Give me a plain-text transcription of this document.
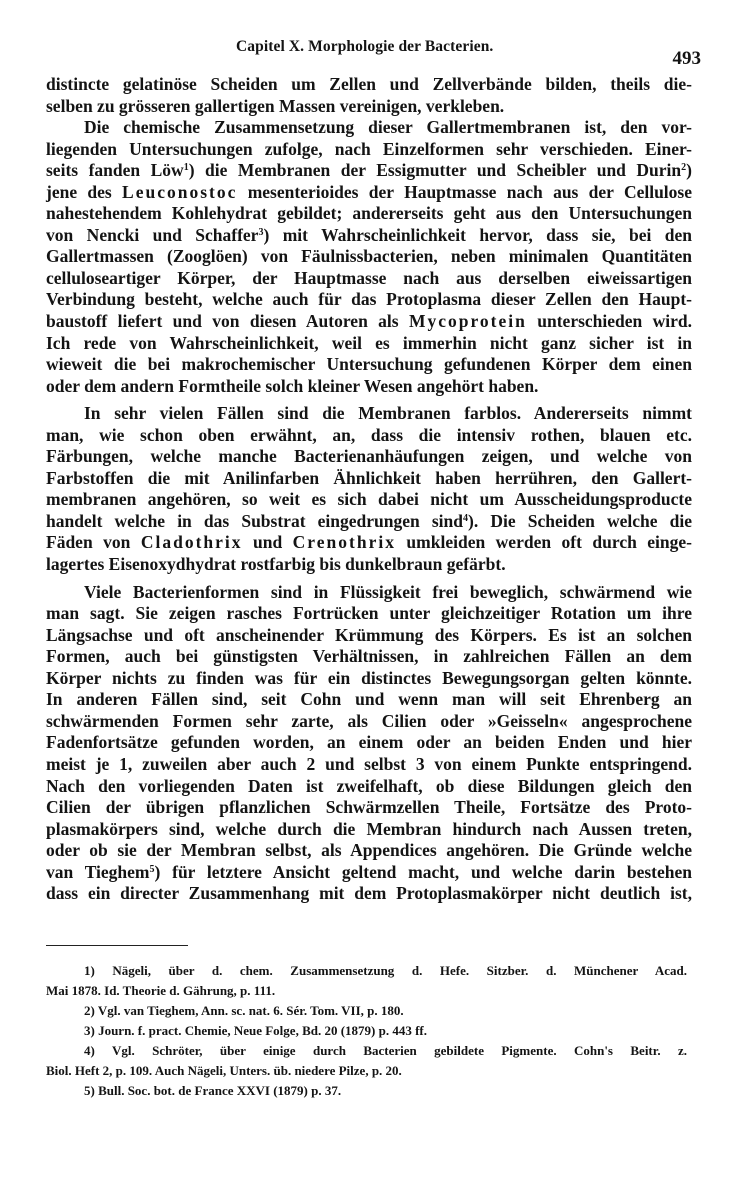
Capitel X. Morphologie der Bacterien.
493
distincte gelatinöse Scheiden um Zellen und Zellverbände bilden, theils die-
selben zu grösseren gallertigen Massen vereinigen, verkleben.
Die chemische Zusammensetzung dieser Gallertmembranen ist, den vor-
liegenden Untersuchungen zufolge, nach Einzelformen sehr verschieden. Einer-
seits fanden Löw$^1$) die Membranen der Essigmutter und Scheibler und Durin$^2$)
jene des Leuconostoc mesenterioides der Hauptmasse nach aus der Cellulose
nahestehendem Kohlehydrat gebildet; andererseits geht aus den Untersuchungen
von Nencki und Schaffer$^3$) mit Wahrscheinlichkeit hervor, dass sie, bei den
Gallertmassen (Zooglöen) von Fäulnissbacterien, neben minimalen Quantitäten
celluloseartiger Körper, der Hauptmasse nach aus derselben eiweissartigen
Verbindung besteht, welche auch für das Protoplasma dieser Zellen den Haupt-
baustoff liefert und von diesen Autoren als Mycoprotein unterschieden wird.
Ich rede von Wahrscheinlichkeit, weil es immerhin nicht ganz sicher ist in
wieweit die bei makrochemischer Untersuchung gefundenen Körper dem einen
oder dem andern Formtheile solch kleiner Wesen angehört haben.
In sehr vielen Fällen sind die Membranen farblos. Andererseits nimmt
man, wie schon oben erwähnt, an, dass die intensiv rothen, blauen etc.
Färbungen, welche manche Bacterienanhäufungen zeigen, und welche von
Farbstoffen die mit Anilinfarben Ähnlichkeit haben herrühren, den Gallert-
membranen angehören, so weit es sich dabei nicht um Ausscheidungsproducte
handelt welche in das Substrat eingedrungen sind$^4$). Die Scheiden welche die
Fäden von Cladothrix und Crenothrix umkleiden werden oft durch einge-
lagertes Eisenoxydhydrat rostfarbig bis dunkelbraun gefärbt.
Viele Bacterienformen sind in Flüssigkeit frei beweglich, schwärmend wie
man sagt. Sie zeigen rasches Fortrücken unter gleichzeitiger Rotation um ihre
Längsachse und oft anscheinender Krümmung des Körpers. Es ist an solchen
Formen, auch bei günstigsten Verhältnissen, in zahlreichen Fällen an dem
Körper nichts zu finden was für ein distinctes Bewegungsorgan gelten könnte.
In anderen Fällen sind, seit Cohn und wenn man will seit Ehrenberg an
schwärmenden Formen sehr zarte, als Cilien oder »Geisseln« angesprochene
Fadenfortsätze gefunden worden, an einem oder an beiden Enden und hier
meist je 1, zuweilen aber auch 2 und selbst 3 von einem Punkte entspringend.
Nach den vorliegenden Daten ist zweifelhaft, ob diese Bildungen gleich den
Cilien der übrigen pflanzlichen Schwärmzellen Theile, Fortsätze des Proto-
plasmakörpers sind, welche durch die Membran hindurch nach Aussen treten,
oder ob sie der Membran selbst, als Appendices angehören. Die Gründe welche
van Tieghem$^5$) für letztere Ansicht geltend macht, und welche darin bestehen
dass ein directer Zusammenhang mit dem Protoplasmakörper nicht deutlich ist,
1) Nägeli, über d. chem. Zusammensetzung d. Hefe. Sitzber. d. Münchener Acad.
Mai 1878. Id. Theorie d. Gährung, p. 111.
2) Vgl. van Tieghem, Ann. sc. nat. 6. Sér. Tom. VII, p. 180.
3) Journ. f. pract. Chemie, Neue Folge, Bd. 20 (1879) p. 443 ff.
4) Vgl. Schröter, über einige durch Bacterien gebildete Pigmente. Cohn's Beitr. z.
Biol. Heft 2, p. 109. Auch Nägeli, Unters. üb. niedere Pilze, p. 20.
5) Bull. Soc. bot. de France XXVI (1879) p. 37.
